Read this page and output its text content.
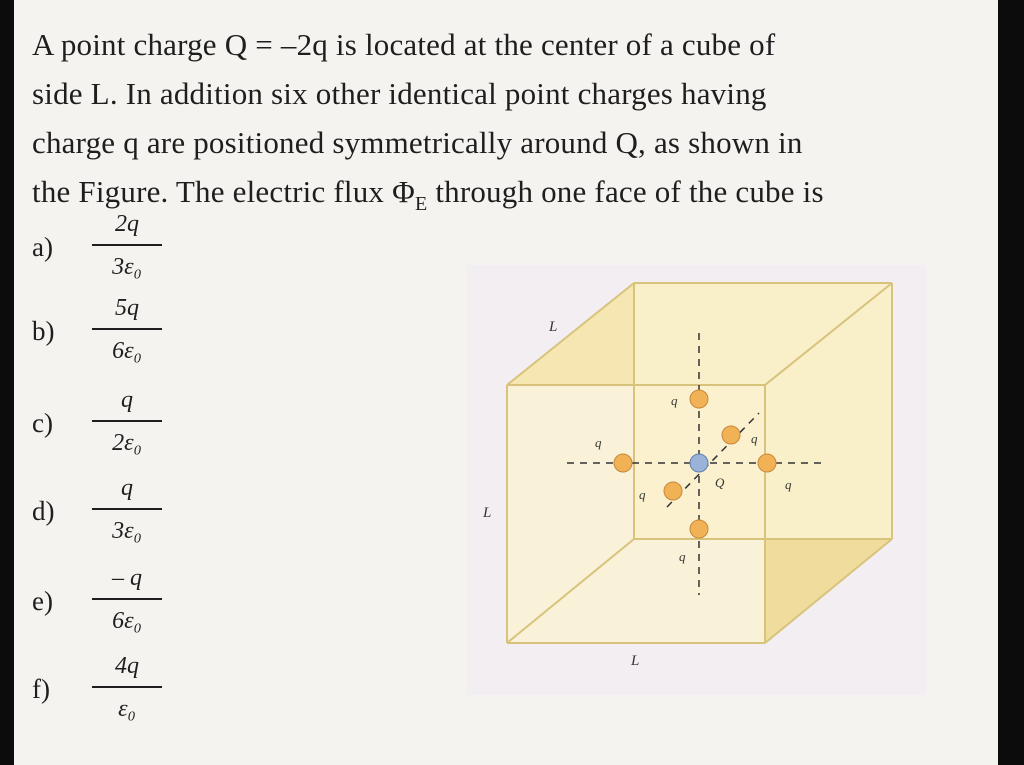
A point charge Q = –2q is located at the center of a cube of
side L. In addition six other identical point charges having
charge q are positioned symmetrically around Q, as shown in
the Figure. The electric flux $\Phi_E$ through one face of the cube is
a)
2q
3ε₀
b)
5q
6ε₀
c)
q
2ε₀
d)
q
3ε₀
e)
– q
6ε₀
f)
4q
ε₀
L
L
L
q
q
q
q
q
q
Q
